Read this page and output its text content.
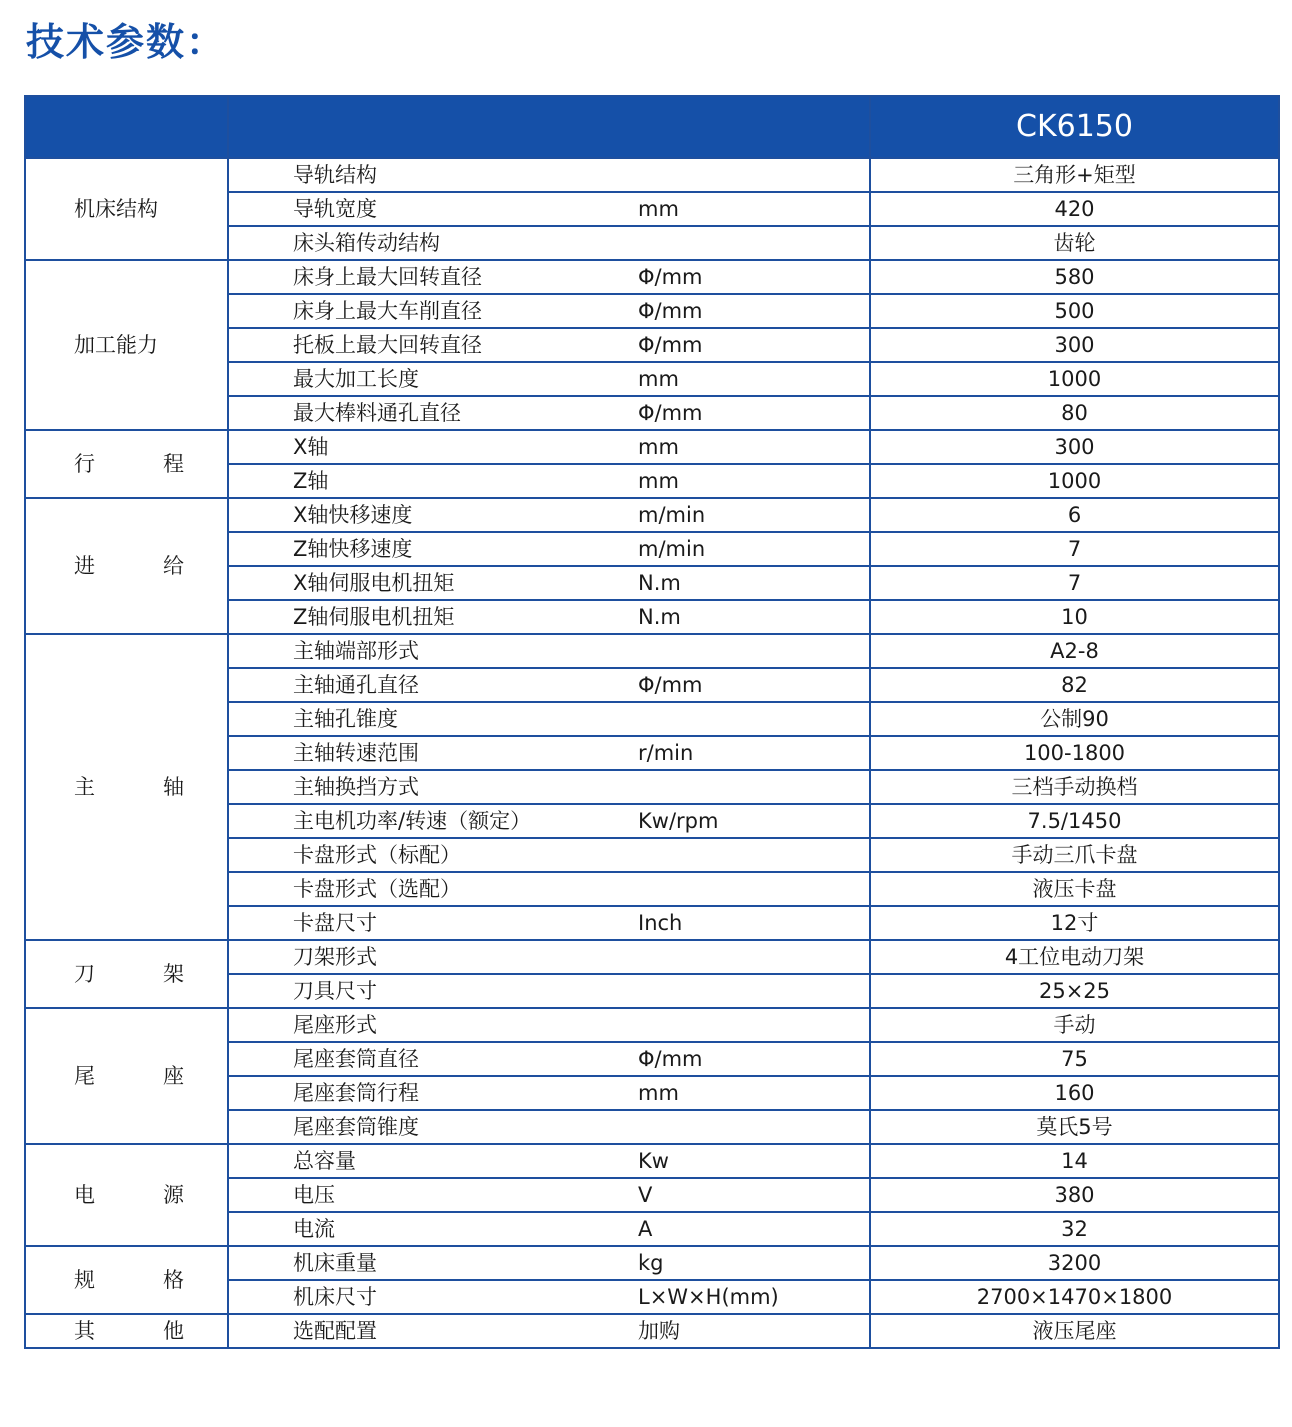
技术参数：
			CK6150
机床结构	导轨结构		三角形+矩型
	导轨宽度	mm	420
	床头箱传动结构		齿轮
加工能力	床身上最大回转直径	Φ/mm	580
	床身上最大车削直径	Φ/mm	500
	托板上最大回转直径	Φ/mm	300
	最大加工长度	mm	1000
	最大棒料通孔直径	Φ/mm	80
行程	X轴	mm	300
	Z轴	mm	1000
进给	X轴快移速度	m/min	6
	Z轴快移速度	m/min	7
	X轴伺服电机扭矩	N.m	7
	Z轴伺服电机扭矩	N.m	10
主轴	主轴端部形式		A2-8
	主轴通孔直径	Φ/mm	82
	主轴孔锥度		公制90
	主轴转速范围	r/min	100-1800
	主轴换挡方式		三档手动换档
	主电机功率/转速（额定）	Kw/rpm	7.5/1450
	卡盘形式（标配）		手动三爪卡盘
	卡盘形式（选配）		液压卡盘
	卡盘尺寸	Inch	12寸
刀架	刀架形式		4工位电动刀架
	刀具尺寸		25×25
尾座	尾座形式		手动
	尾座套筒直径	Φ/mm	75
	尾座套筒行程	mm	160
	尾座套筒锥度		莫氏5号
电源	总容量	Kw	14
	电压	V	380
	电流	A	32
规格	机床重量	kg	3200
	机床尺寸	L×W×H(mm)	2700×1470×1800
其他	选配配置	加购	液压尾座
